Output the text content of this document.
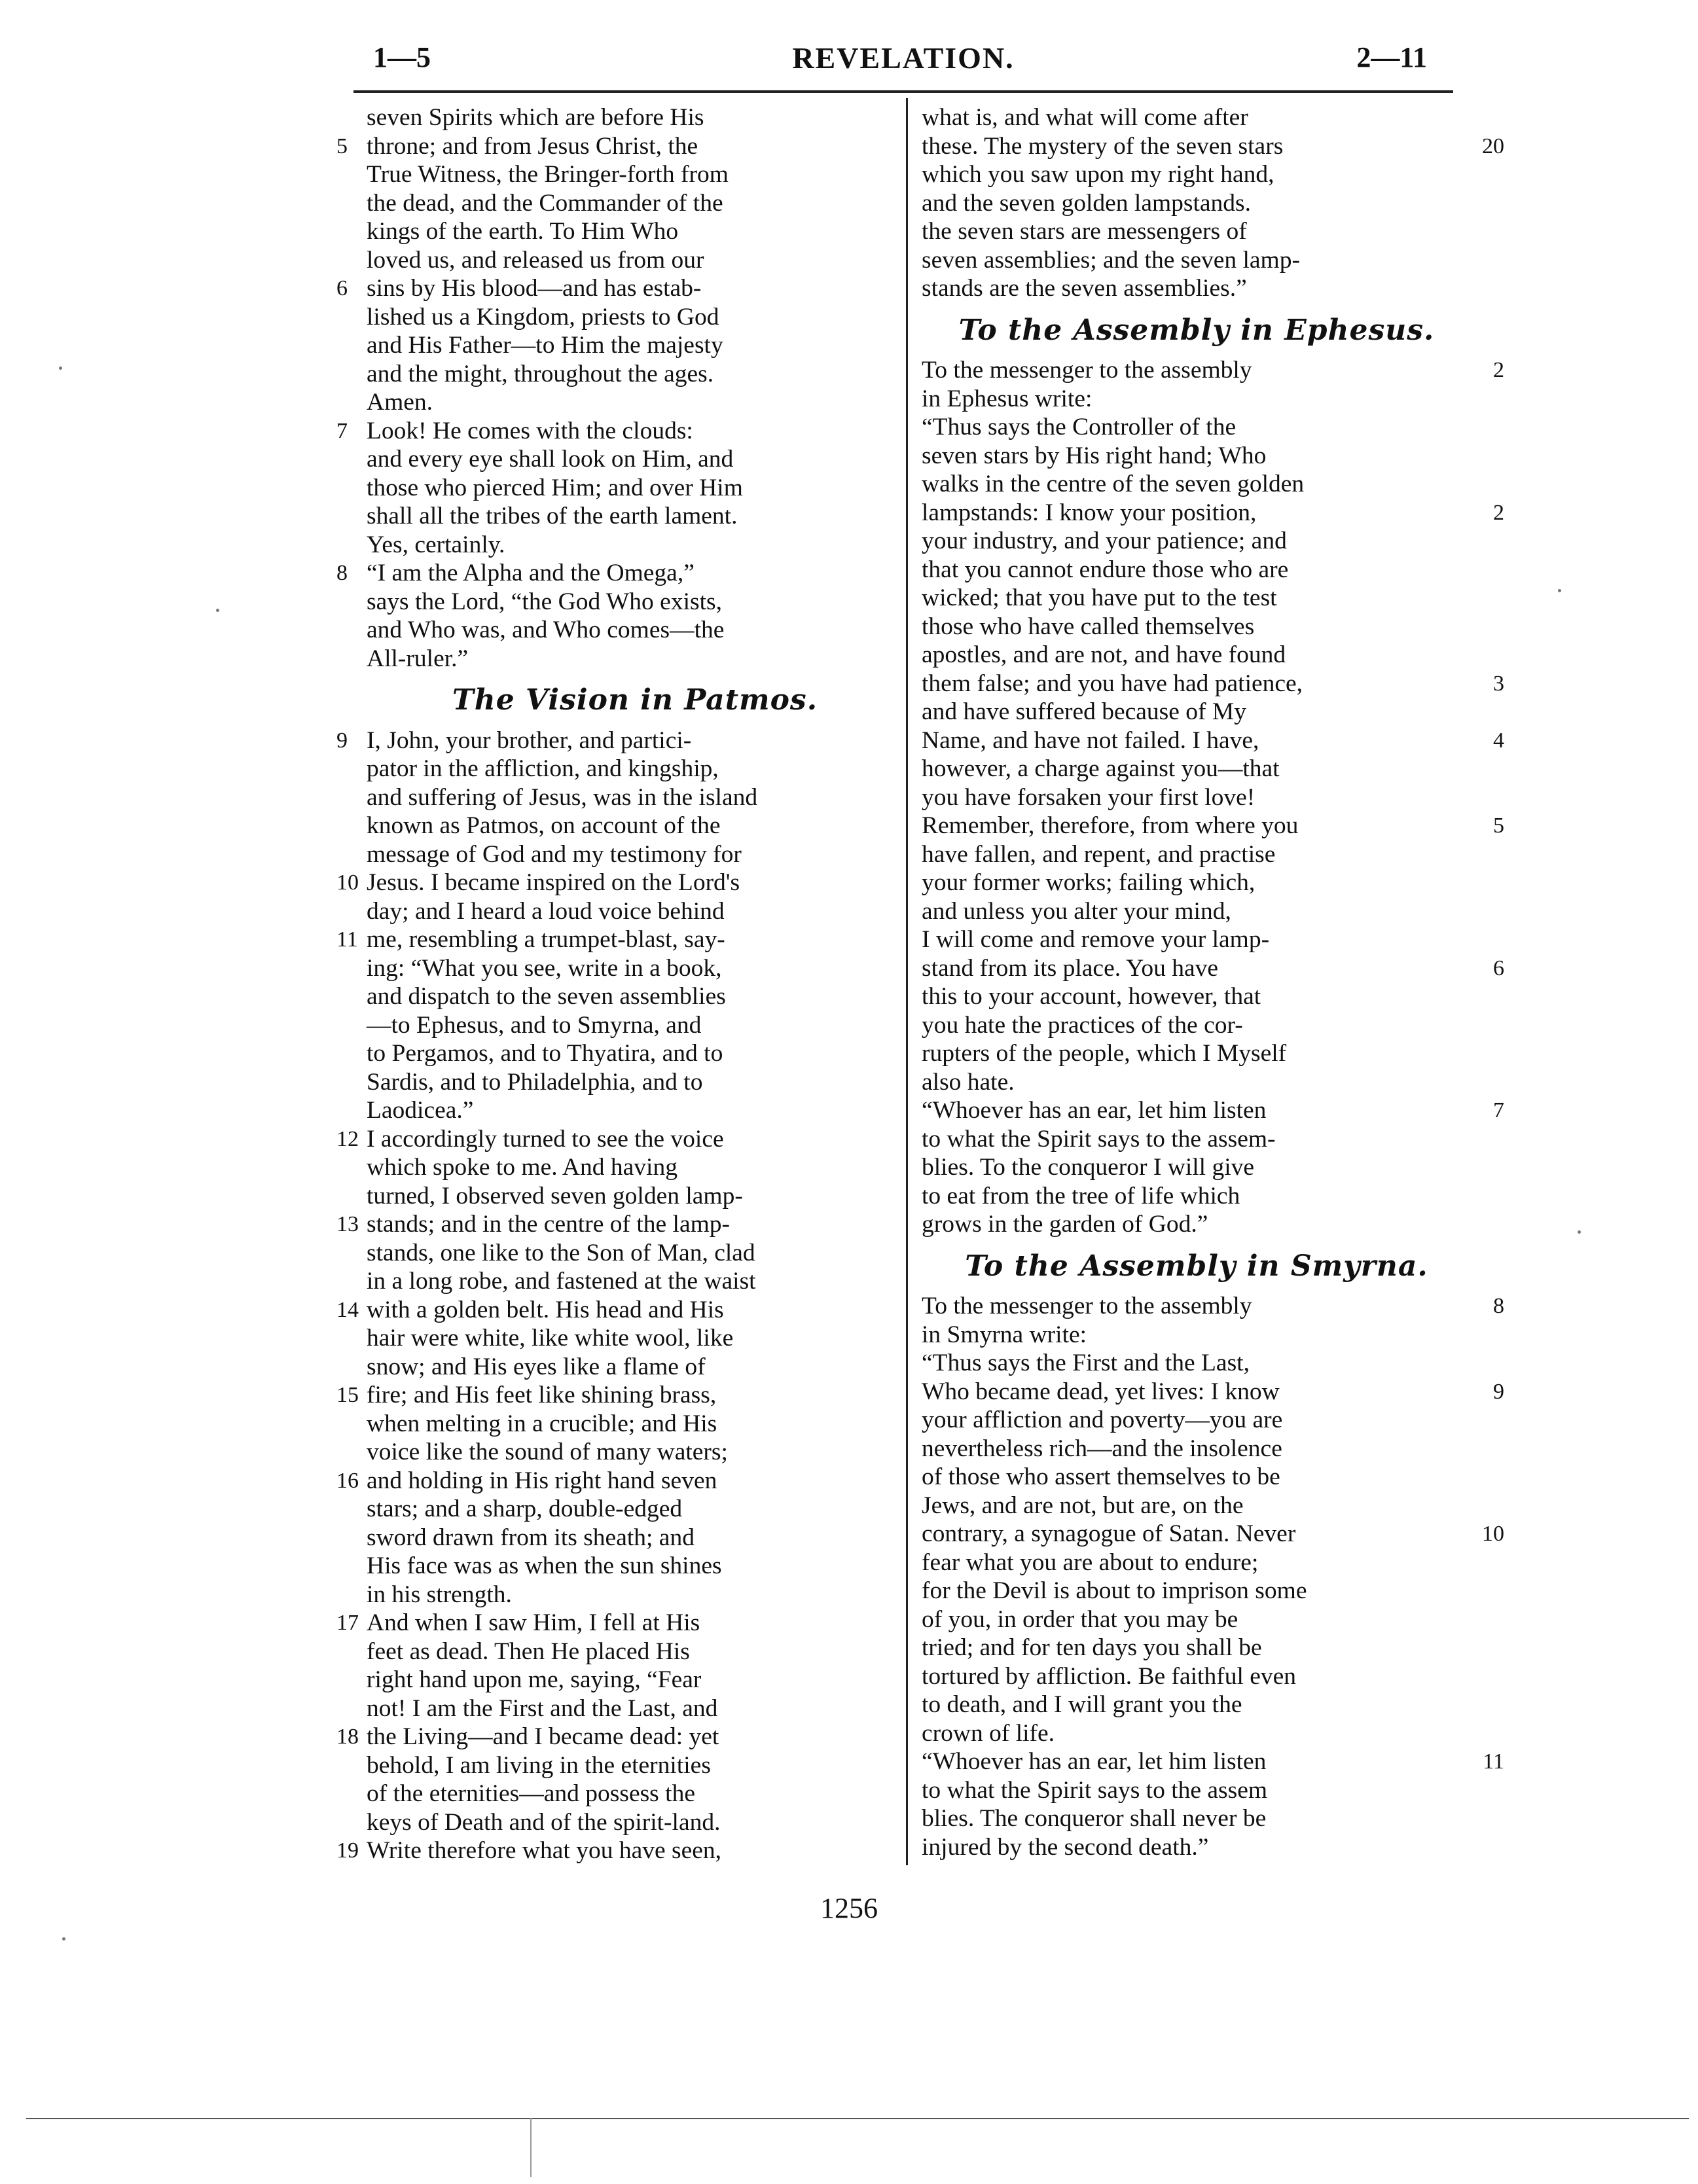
1—5	REVELATION.	2—11
seven Spirits which are before His
5 throne; and from Jesus Christ, the
True Witness, the Bringer-forth from
the dead, and the Commander of the
kings of the earth. To Him Who
loved us, and released us from our
6 sins by His blood—and has estab-
lished us a Kingdom, priests to God
and His Father—to Him the majesty
and the might, throughout the ages.
Amen.
7 Look! He comes with the clouds:
and every eye shall look on Him, and
those who pierced Him; and over Him
shall all the tribes of the earth lament.
Yes, certainly.
8 “I am the Alpha and the Omega,”
says the Lord, “the God Who exists,
and Who was, and Who comes—the
All-ruler.”
The Vision in Patmos.
9 I, John, your brother, and partici-
pator in the affliction, and kingship,
and suffering of Jesus, was in the island
known as Patmos, on account of the
message of God and my testimony for
10 Jesus. I became inspired on the Lord's
day; and I heard a loud voice behind
11 me, resembling a trumpet-blast, say-
ing: “What you see, write in a book,
and dispatch to the seven assemblies
—to Ephesus, and to Smyrna, and
to Pergamos, and to Thyatira, and to
Sardis, and to Philadelphia, and to
Laodicea.”
12 I accordingly turned to see the voice
which spoke to me. And having
turned, I observed seven golden lamp-
13 stands; and in the centre of the lamp-
stands, one like to the Son of Man, clad
in a long robe, and fastened at the waist
14 with a golden belt. His head and His
hair were white, like white wool, like
snow; and His eyes like a flame of
15 fire; and His feet like shining brass,
when melting in a crucible; and His
voice like the sound of many waters;
16 and holding in His right hand seven
stars; and a sharp, double-edged
sword drawn from its sheath; and
His face was as when the sun shines
in his strength.
17 And when I saw Him, I fell at His
feet as dead. Then He placed His
right hand upon me, saying, “Fear
not! I am the First and the Last, and
18 the Living—and I became dead: yet
behold, I am living in the eternities
of the eternities—and possess the
keys of Death and of the spirit-land.
19 Write therefore what you have seen,
what is, and what will come after
20
these. The mystery of the seven stars
which you saw upon my right hand,
and the seven golden lampstands.
the seven stars are messengers of
seven assemblies; and the seven lamp-
stands are the seven assemblies.”
To the Assembly in Ephesus.
2
To the messenger to the assembly
in Ephesus write:
“Thus says the Controller of the
seven stars by His right hand; Who
walks in the centre of the seven golden
2
lampstands: I know your position,
your industry, and your patience; and
that you cannot endure those who are
wicked; that you have put to the test
those who have called themselves
apostles, and are not, and have found
3
them false; and you have had patience,
and have suffered because of My
4
Name, and have not failed. I have,
however, a charge against you—that
you have forsaken your first love!
5
Remember, therefore, from where you
have fallen, and repent, and practise
your former works; failing which,
and unless you alter your mind,
I will come and remove your lamp-
6
stand from its place. You have
this to your account, however, that
you hate the practices of the cor-
rupters of the people, which I Myself
also hate.
7
“Whoever has an ear, let him listen
to what the Spirit says to the assem-
blies. To the conqueror I will give
to eat from the tree of life which
grows in the garden of God.”
To the Assembly in Smyrna.
8
To the messenger to the assembly
in Smyrna write:
“Thus says the First and the Last,
9
Who became dead, yet lives: I know
your affliction and poverty—you are
nevertheless rich—and the insolence
of those who assert themselves to be
Jews, and are not, but are, on the
10
contrary, a synagogue of Satan. Never
fear what you are about to endure;
for the Devil is about to imprison some
of you, in order that you may be
tried; and for ten days you shall be
tortured by affliction. Be faithful even
to death, and I will grant you the
crown of life.
11
“Whoever has an ear, let him listen
to what the Spirit says to the assem
blies. The conqueror shall never be
injured by the second death.”
1256
